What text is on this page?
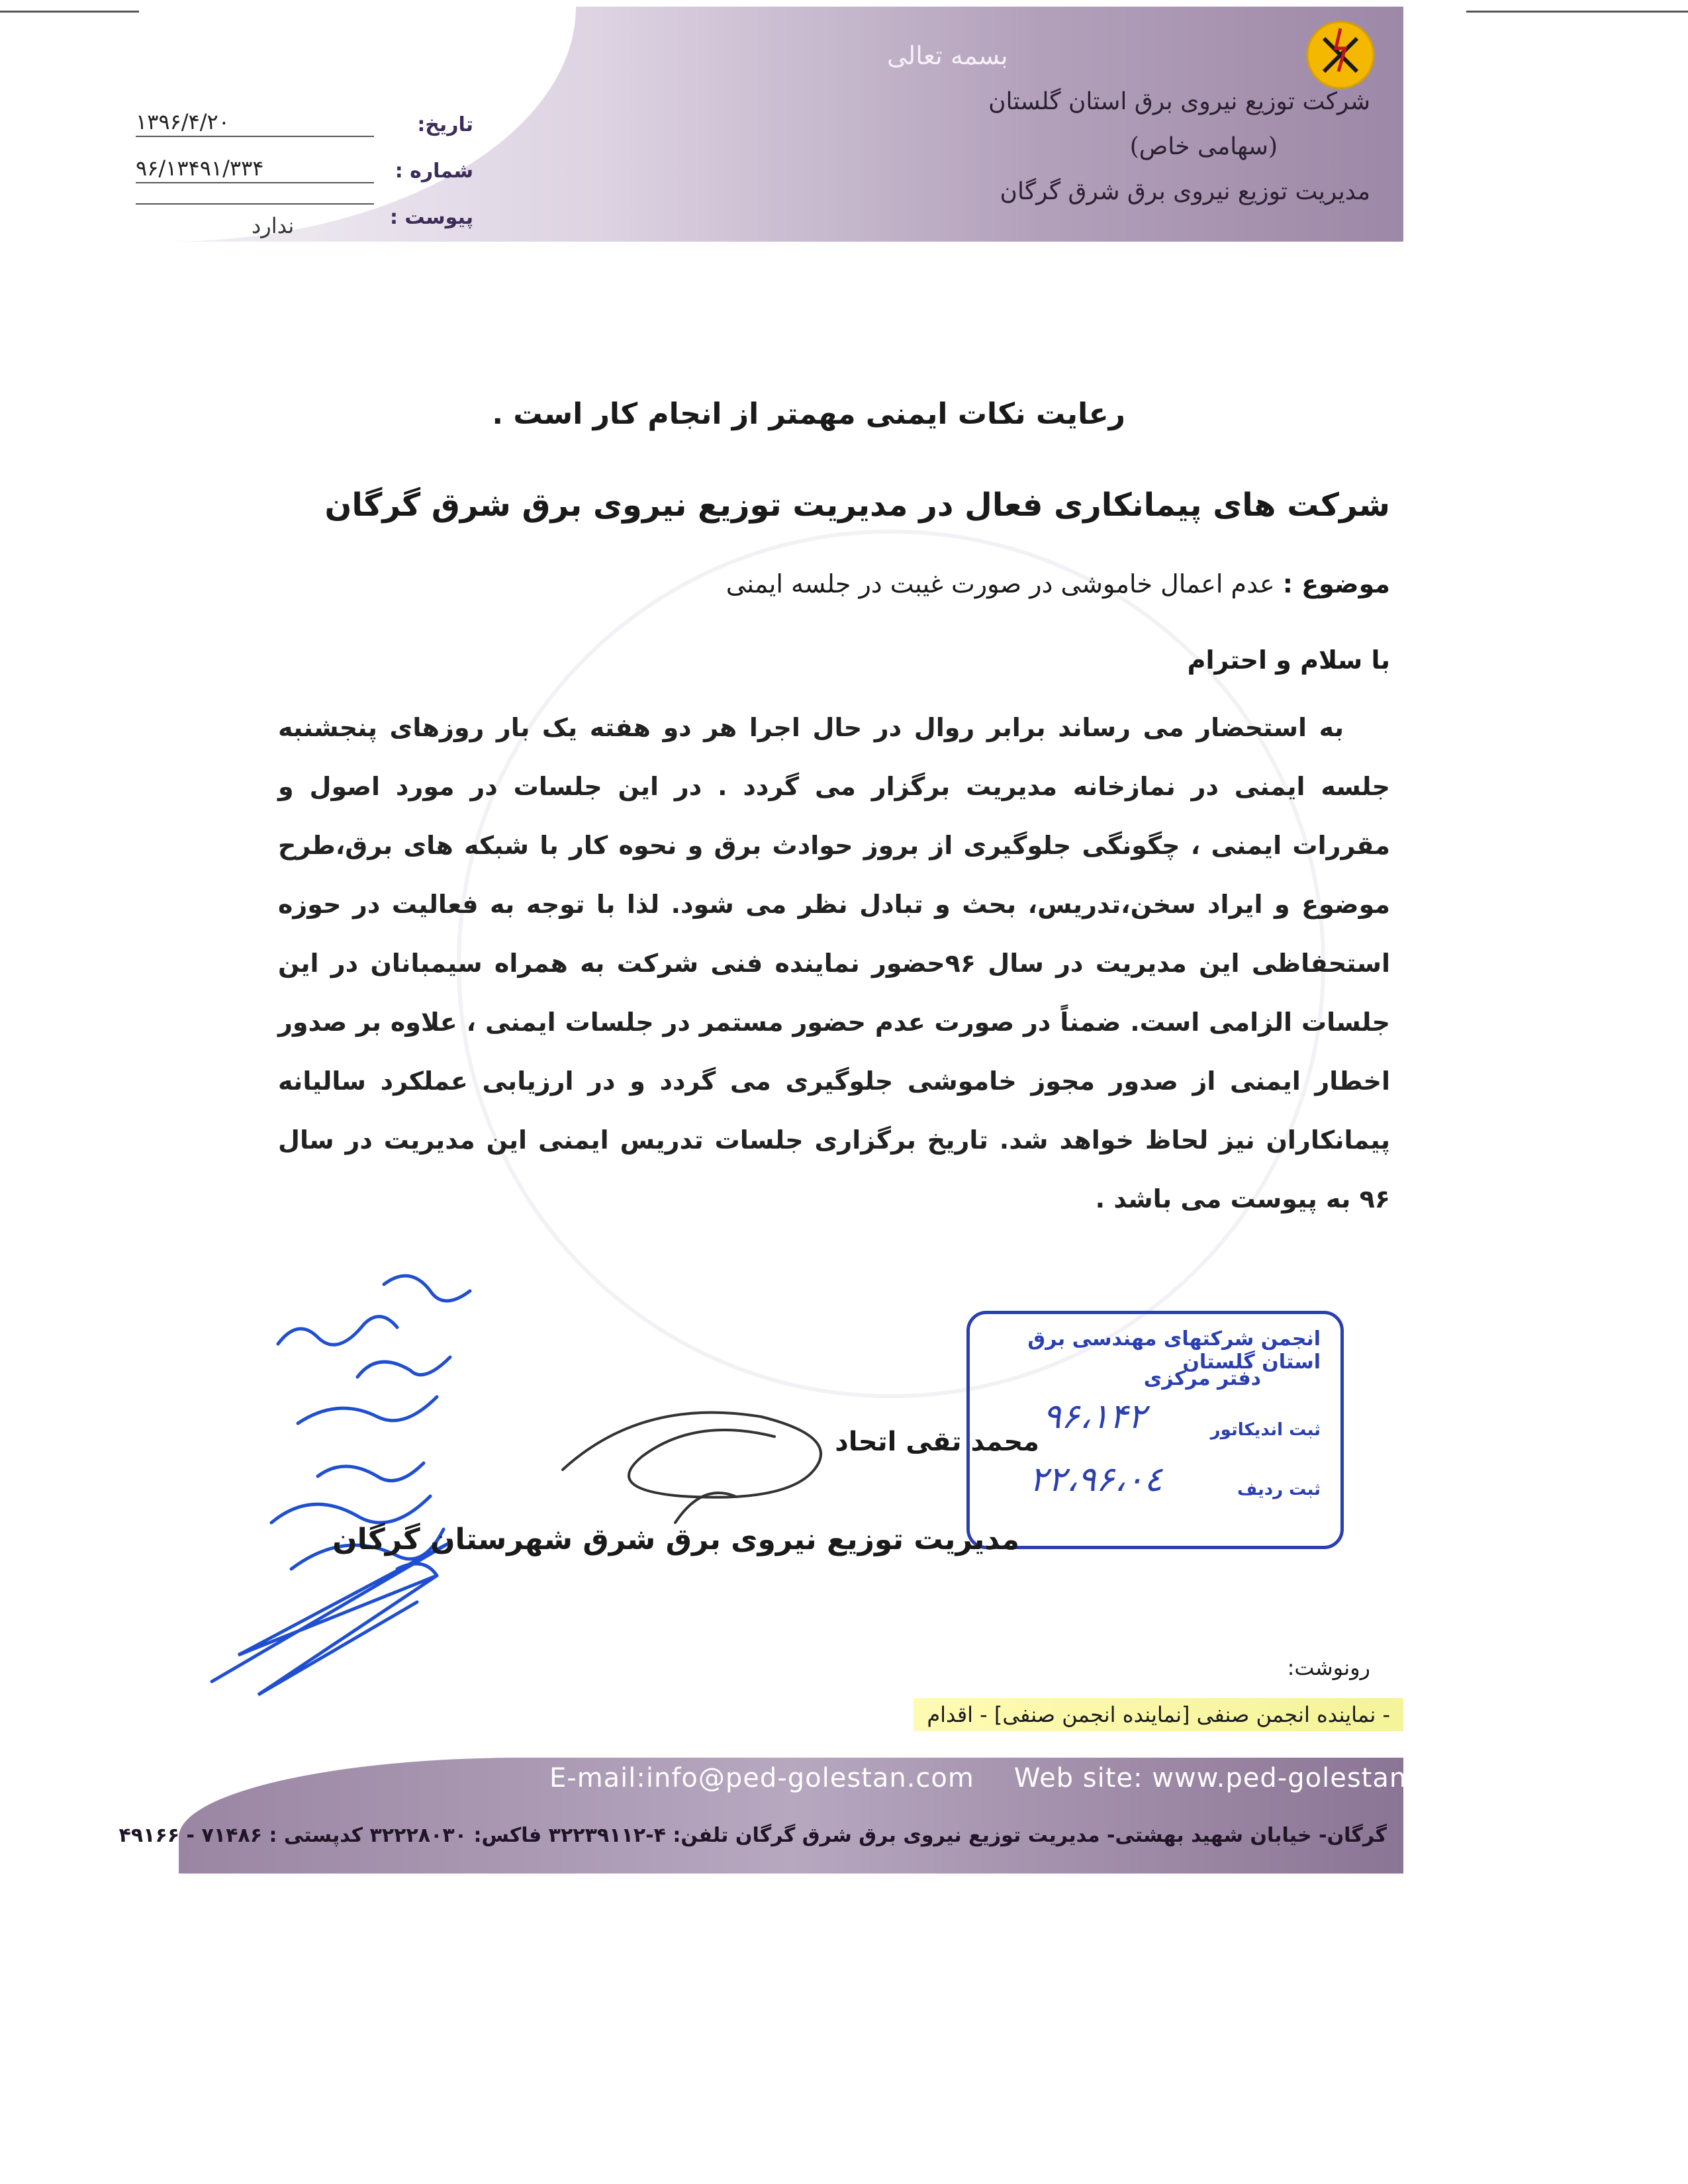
بسمه تعالی
شرکت توزیع نیروی برق استان گلستان
(سهامی خاص)
مدیریت توزیع نیروی برق شرق گرگان
تاریخ:
۱۳۹۶/۴/۲۰
شماره :
۹۶/۱۳۴۹۱/۳۳۴
پیوست :
ندارد
رعایت نکات ایمنی مهمتر از انجام کار است .
شرکت های پیمانکاری فعال در مدیریت توزیع نیروی برق شرق گرگان
موضوع :عدم اعمال خاموشی در صورت غیبت در جلسه ایمنی
با سلام و احترام

به استحضار می رساند برابر روال در حال اجرا هر دو هفته یک بار روزهای پنجشنبه جلسه ایمنی در نمازخانه مدیریت برگزار می گردد . در این جلسات در مورد اصول و مقررات ایمنی ، چگونگی جلوگیری از بروز حوادث برق و نحوه کار با شبکه های برق،طرح موضوع و ایراد سخن،تدریس، بحث و تبادل نظر می شود. لذا با توجه به فعالیت در حوزه استحفاظی این مدیریت در سال ۹۶حضور نماینده فنی شرکت به همراه سیمبانان در این جلسات الزامی است. ضمناً در صورت عدم حضور مستمر در جلسات ایمنی ، علاوه بر صدور اخطار ایمنی از صدور مجوز خاموشی جلوگیری می گردد و در ارزیابی عملکرد سالیانه پیمانکاران نیز لحاظ خواهد شد. تاریخ برگزاری جلسات تدریس ایمنی این مدیریت در سال ۹۶ به پیوست می باشد .

انجمن شرکتهای مهندسی برق استان گلستان
دفتر مرکزی
ثبت اندیکاتور
۹۶،۱۴۲
ثبت ردیف
۹۶،۰٤،۲۲
محمد تقی اتحاد
مدیریت توزیع نیروی برق شرق شهرستان گرگان
رونوشت:
- نماینده انجمن صنفی [نماینده انجمن صنفی] - اقدام
E-mail:info@ped-golestan.com Web site: www.ped-golestan.com
گرگان- خیابان شهید بهشتی- مدیریت توزیع نیروی برق شرق گرگان تلفن: ۴-۳۲۲۳۹۱۱۲ فاکس: ۳۲۲۲۸۰۳۰ کدپستی : ۷۱۴۸۶ - ۴۹۱۶۶
